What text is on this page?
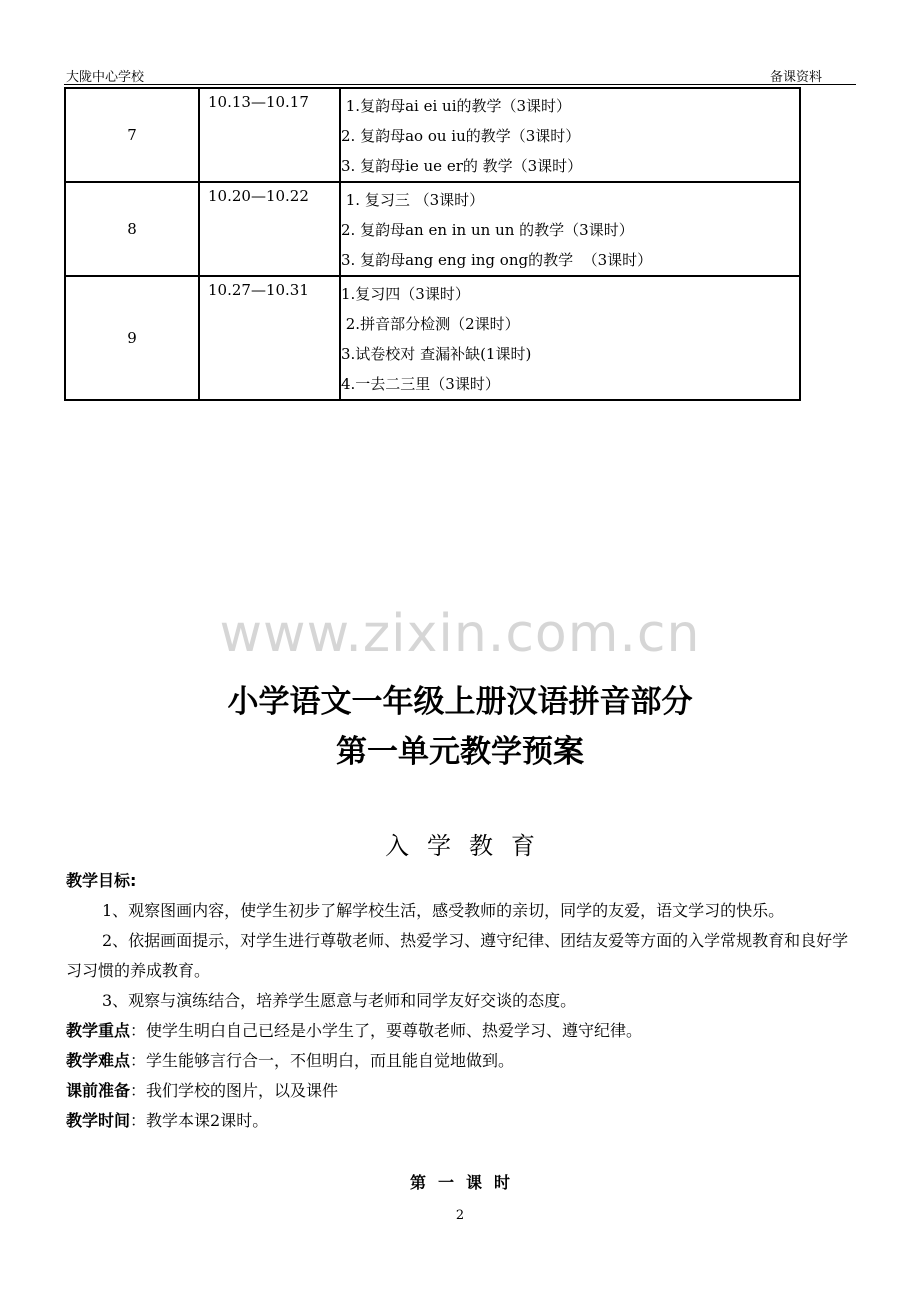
大陇中心学校	备课资料
7	10.13—10.17	1.复韵母ai ei ui的教学（3课时）
2. 复韵母ao ou iu的教学（3课时）
3. 复韵母ie ue er的 教学（3课时）

8	10.20—10.22	1. 复习三 （3课时）
2. 复韵母an en in un un 的教学（3课时）
3. 复韵母ang eng ing ong的教学  （3课时）

9	10.27—10.31	1.复习四（3课时）
2.拼音部分检测（2课时）
3.试卷校对 查漏补缺(1课时)
4.一去二三里（3课时）
www.zixin.com.cn
小学语文一年级上册汉语拼音部分
第一单元教学预案
入学教育
教学目标:
1、观察图画内容，使学生初步了解学校生活，感受教师的亲切，同学的友爱，语文学习的快乐。
2、依据画面提示，对学生进行尊敬老师、热爱学习、遵守纪律、团结友爱等方面的入学常规教育和良好学习习惯的养成教育。
3、观察与演练结合，培养学生愿意与老师和同学友好交谈的态度。
教学重点：使学生明白自己已经是小学生了，要尊敬老师、热爱学习、遵守纪律。
教学难点：学生能够言行合一，不但明白，而且能自觉地做到。
课前准备：我们学校的图片，以及课件
教学时间：教学本课2课时。
第一课时
2
